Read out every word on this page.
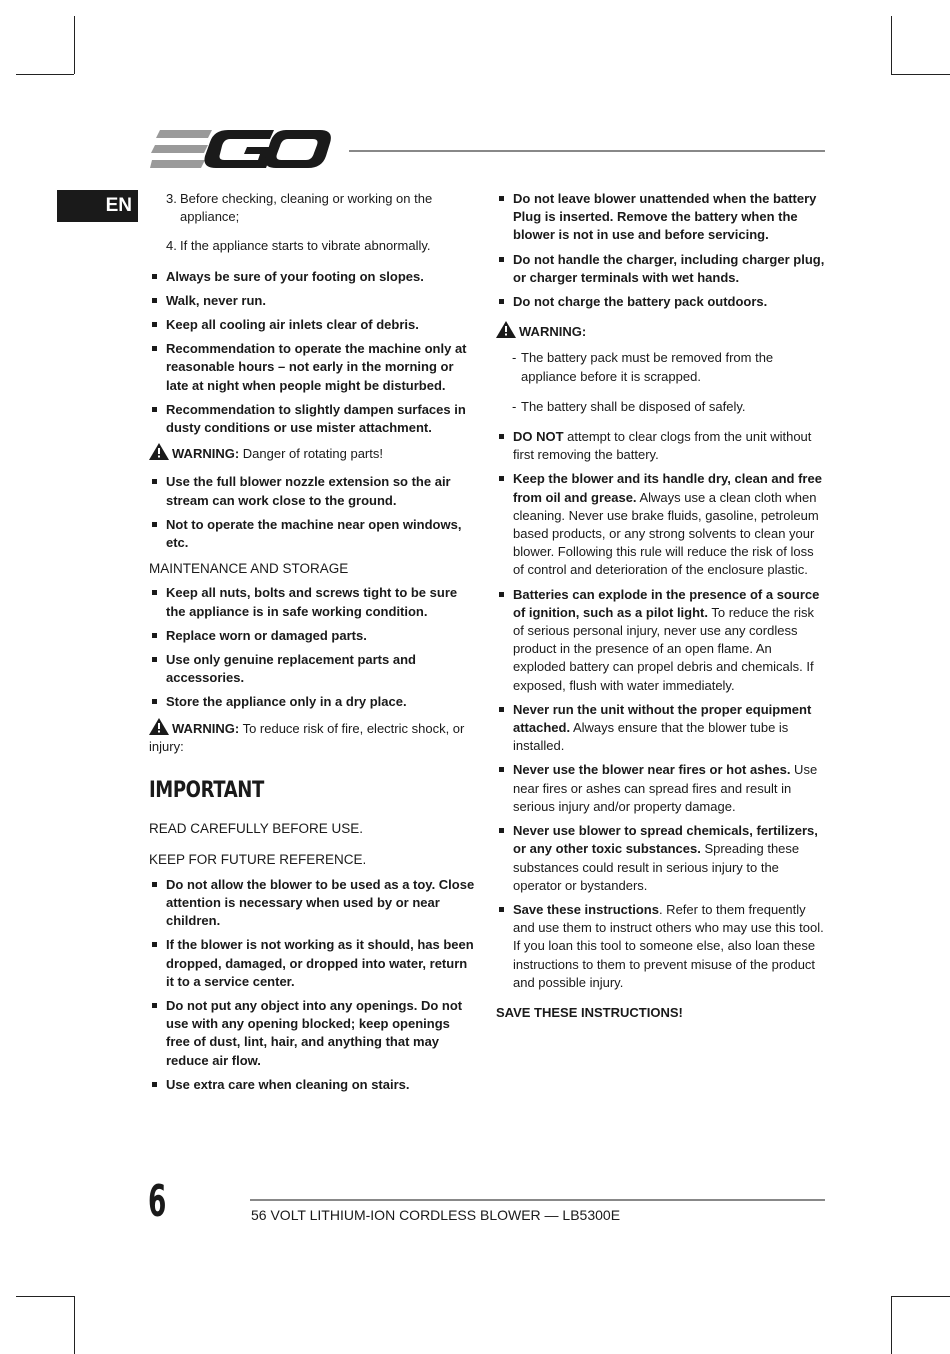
EN	3. Before checking, cleaning or working on the appliance;
4. If the appliance starts to vibrate abnormally.
Always be sure of your footing on slopes.
Walk, never run.
Keep all cooling air inlets clear of debris.
Recommendation to operate the machine only at reasonable hours – not early in the morning or late at night when people might be disturbed.
Recommendation to slightly dampen surfaces in dusty conditions or use mister attachment.
WARNING: Danger of rotating parts!
Use the full blower nozzle extension so the air stream can work close to the ground.
Not to operate the machine near open windows, etc.
MAINTENANCE AND STORAGE
Keep all nuts, bolts and screws tight to be sure the appliance is in safe working condition.
Replace worn or damaged parts.
Use only genuine replacement parts and accessories.
Store the appliance only in a dry place.
WARNING: To reduce risk of fire, electric shock, or injury:
IMPORTANT
READ CAREFULLY BEFORE USE.
KEEP FOR FUTURE REFERENCE.
Do not allow the blower to be used as a toy. Close attention is necessary when used by or near children.
If the blower is not working as it should, has been dropped, damaged, or dropped into water, return it to a service center.
Do not put any object into any openings. Do not use with any opening blocked; keep openings free of dust, lint, hair, and anything that may reduce air flow.
Use extra care when cleaning on stairs.
Do not leave blower unattended when the battery Plug is inserted. Remove the battery when the blower is not in use and before servicing.
Do not handle the charger, including charger plug, or charger terminals with wet hands.
Do not charge the battery pack outdoors.
WARNING:
- The battery pack must be removed from the appliance before it is scrapped.
- The battery shall be disposed of safely.
DO NOT attempt to clear clogs from the unit without first removing the battery.
Keep the blower and its handle dry, clean and free from oil and grease. Always use a clean cloth when cleaning. Never use brake fluids, gasoline, petroleum based products, or any strong solvents to clean your blower. Following this rule will reduce the risk of loss of control and deterioration of the enclosure plastic.
Batteries can explode in the presence of a source of ignition, such as a pilot light. To reduce the risk of serious personal injury, never use any cordless product in the presence of an open flame. An exploded battery can propel debris and chemicals. If exposed, flush with water immediately.
Never run the unit without the proper equipment attached. Always ensure that the blower tube is installed.
Never use the blower near fires or hot ashes. Use near fires or ashes can spread fires and result in serious injury and/or property damage.
Never use blower to spread chemicals, fertilizers, or any other toxic substances. Spreading these substances could result in serious injury to the operator or bystanders.
Save these instructions. Refer to them frequently and use them to instruct others who may use this tool. If you loan this tool to someone else, also loan these instructions to them to prevent misuse of the product and possible injury.
SAVE THESE INSTRUCTIONS!
6	56 VOLT LITHIUM-ION CORDLESS BLOWER — LB5300E
